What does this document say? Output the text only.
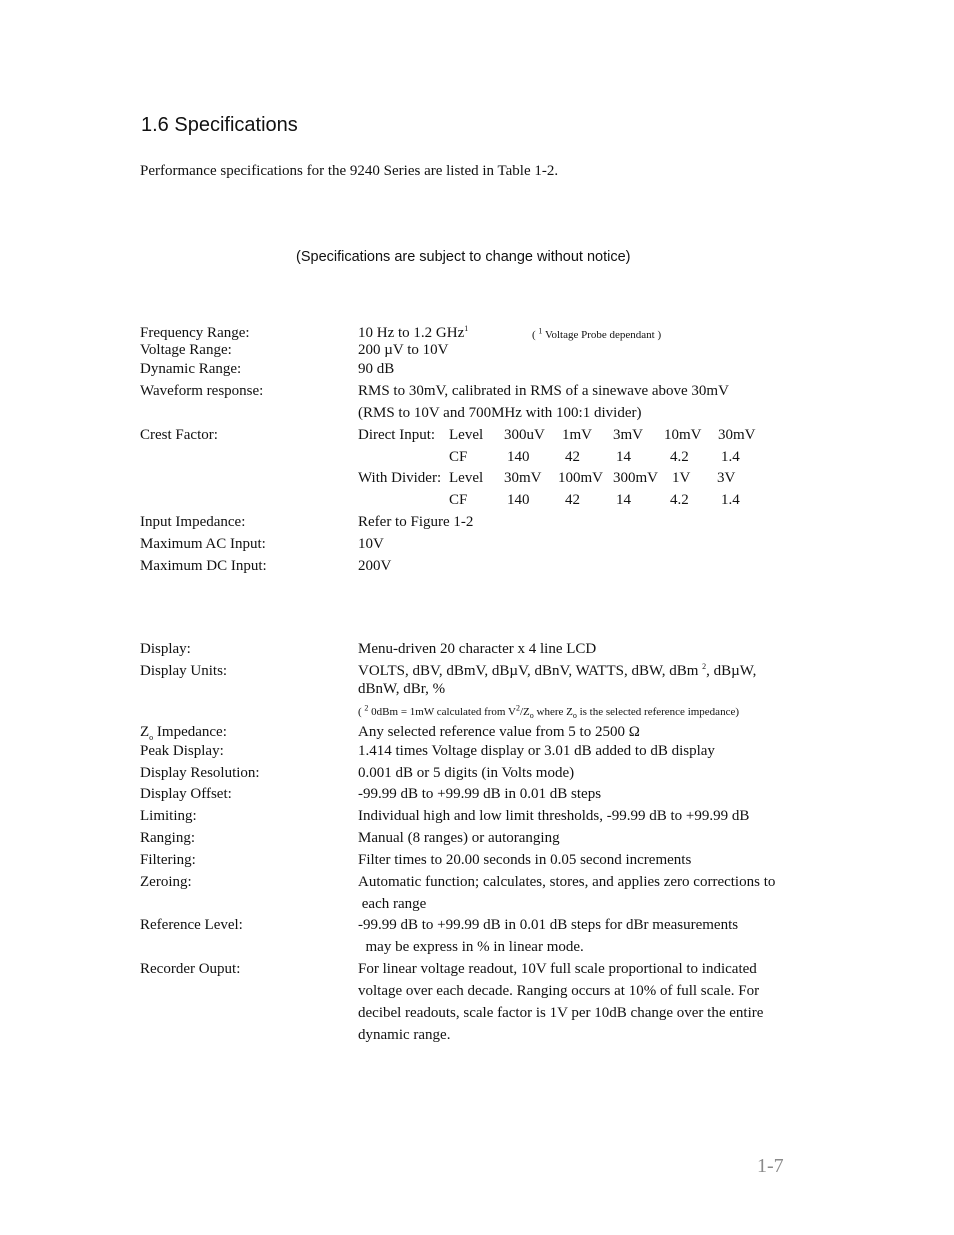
1.6 Specifications
Performance specifications for the 9240 Series are listed in Table 1-2.
(Specifications are subject to change without notice)
Frequency Range:	10 Hz to 1.2 GHz$^1$
( $^1$ Voltage Probe dependant )
Voltage Range:	200 µV to 10V
Dynamic Range:	90 dB
Waveform response:	RMS to 30mV, calibrated in RMS of a sinewave above 30mV
(RMS to 10V and 700MHz with 100:1 divider)
Crest Factor:	Direct Input: Level 300uV 1mV 3mV 10mV 30mV
CF	140 42 14	4.2 1.4
With Divider: Level 30mV 100mV 300mV 1V 3V
CF	140 42 14	4.2 1.4
Input Impedance:	Refer to Figure 1-2
Maximum AC Input:	10V
Maximum DC Input:	200V
Display:	Menu-driven 20 character x 4 line LCD
Display Units:	VOLTS, dBV, dBmV, dBµV, dBnV, WATTS, dBW, dBm $^2$, dBµW,
dBnW, dBr, %
( $^2$ 0dBm = 1mW calculated from $V^2/Z_o$ where $Z_o$ is the selected reference impedance)
$Z_o$ Impedance:	Any selected reference value from 5 to 2500 Ω
Peak Display:	1.414 times Voltage display or 3.01 dB added to dB display
Display Resolution:	0.001 dB or 5 digits (in Volts mode)
Display Offset:	-99.99 dB to +99.99 dB in 0.01 dB steps
Limiting:	Individual high and low limit thresholds, -99.99 dB to +99.99 dB
Ranging:	Manual (8 ranges) or autoranging
Filtering:	Filter times to 20.00 seconds in 0.05 second increments
Zeroing:	Automatic function; calculates, stores, and applies zero corrections to
each range
Reference Level:	-99.99 dB to +99.99 dB in 0.01 dB steps for dBr measurements
may be express in % in linear mode.
Recorder Ouput:	For linear voltage readout, 10V full scale proportional to indicated
voltage over each decade. Ranging occurs at 10% of full scale. For
decibel readouts, scale factor is 1V per 10dB change over the entire
dynamic range.
1-7
